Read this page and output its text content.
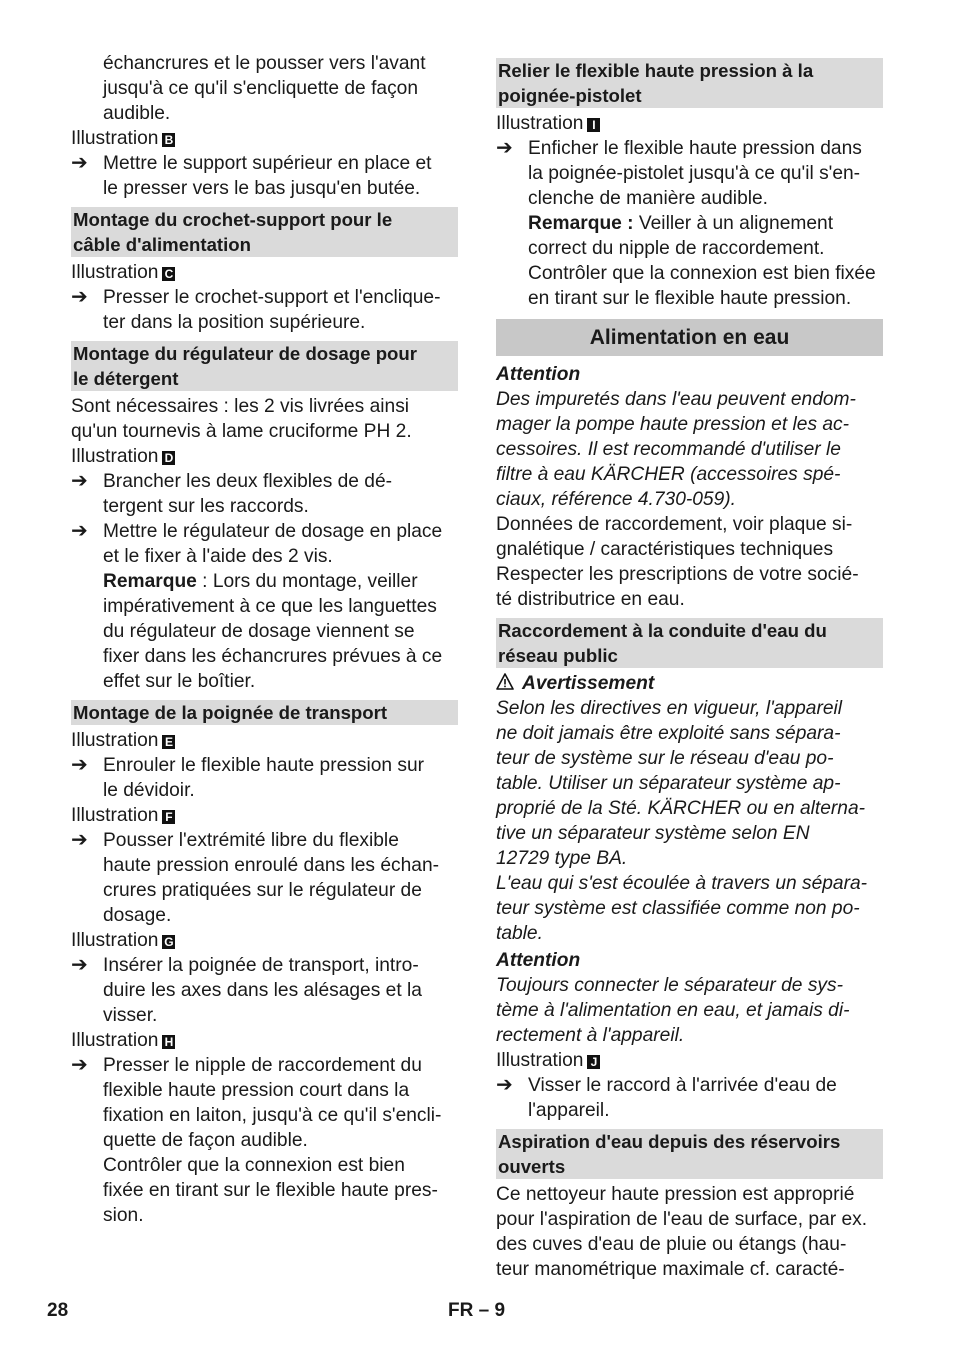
échancrures et le pousser vers l'avant
jusqu'à ce qu'il s'encliquette de façon
audible.
Illustration B
➔ Mettre le support supérieur en place et
le presser vers le bas jusqu'en butée.
Montage du crochet-support pour le
câble d'alimentation
Illustration C
➔ Presser le crochet-support et l'enclique-
ter dans la position supérieure.
Montage du régulateur de dosage pour
le détergent
Sont nécessaires : les 2 vis livrées ainsi
qu'un tournevis à lame cruciforme PH 2.
Illustration D
➔ Brancher les deux flexibles de dé-
tergent sur les raccords.
➔ Mettre le régulateur de dosage en place
et le fixer à l'aide des 2 vis.
Remarque : Lors du montage, veiller
impérativement à ce que les languettes
du régulateur de dosage viennent se
fixer dans les échancrures prévues à ce
effet sur le boîtier.
Montage de la poignée de transport
Illustration E
➔ Enrouler le flexible haute pression sur
le dévidoir.
Illustration F
➔ Pousser l'extrémité libre du flexible
haute pression enroulé dans les échan-
crures pratiquées sur le régulateur de
dosage.
Illustration G
➔ Insérer la poignée de transport, intro-
duire les axes dans les alésages et la
visser.
Illustration H
➔ Presser le nipple de raccordement du
flexible haute pression court dans la
fixation en laiton, jusqu'à ce qu'il s'encli-
quette de façon audible.
Contrôler que la connexion est bien
fixée en tirant sur le flexible haute pres-
sion.
Relier le flexible haute pression à la
poignée-pistolet
Illustration I
➔ Enficher le flexible haute pression dans
la poignée-pistolet jusqu'à ce qu'il s'en-
clenche de manière audible.
Remarque : Veiller à un alignement
correct du nipple de raccordement.
Contrôler que la connexion est bien fixée
en tirant sur le flexible haute pression.
Alimentation en eau
Attention
Des impuretés dans l'eau peuvent endom-
mager la pompe haute pression et les ac-
cessoires. Il est recommandé d'utiliser le
filtre à eau KÄRCHER (accessoires spé-
ciaux, référence 4.730-059).
Données de raccordement, voir plaque si-
gnalétique / caractéristiques techniques
Respecter les prescriptions de votre socié-
té distributrice en eau.
Raccordement à la conduite d'eau du
réseau public
Avertissement
Selon les directives en vigueur, l'appareil
ne doit jamais être exploité sans sépara-
teur de système sur le réseau d'eau po-
table. Utiliser un séparateur système ap-
proprié de la Sté. KÄRCHER ou en alterna-
tive un séparateur système selon EN
12729 type BA.
L'eau qui s'est écoulée à travers un sépara-
teur système est classifiée comme non po-
table.
Attention
Toujours connecter le séparateur de sys-
tème à l'alimentation en eau, et jamais di-
rectement à l'appareil.
Illustration J
➔ Visser le raccord à l'arrivée d'eau de
l'appareil.
Aspiration d'eau depuis des réservoirs
ouverts
Ce nettoyeur haute pression est approprié
pour l'aspiration de l'eau de surface, par ex.
des cuves d'eau de pluie ou étangs (hau-
teur manométrique maximale cf. caracté-
28	FR – 9
